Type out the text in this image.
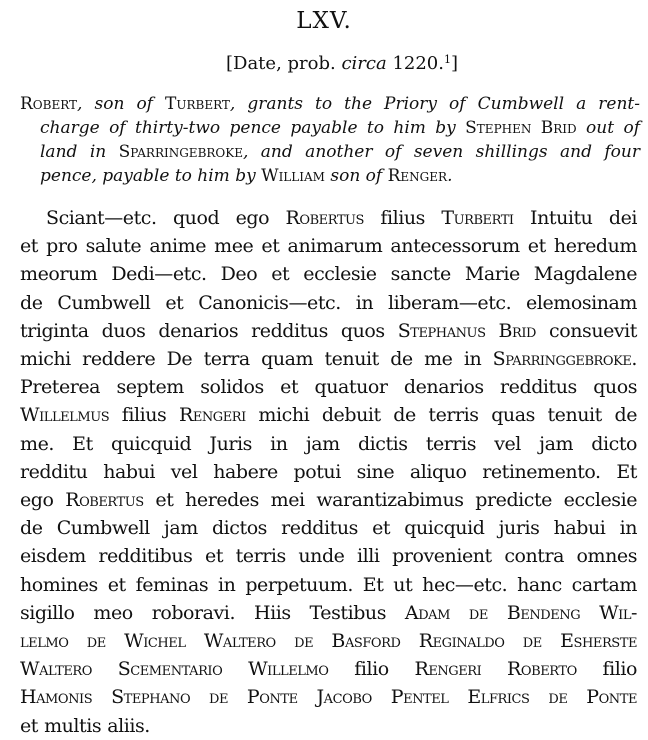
LXV.
[Date, prob. circa 1220.$^1$]
Robert, son of Turbert, grants to the Priory of Cumbwell a rent-
charge of thirty-two pence payable to him by Stephen Brid out of
land in Sparringebroke, and another of seven shillings and four
pence, payable to him by William son of Renger.
Sciant—etc. quod ego Robertus filius Turberti Intuitu dei
et pro salute anime mee et animarum antecessorum et heredum
meorum Dedi—etc. Deo et ecclesie sancte Marie Magdalene
de Cumbwell et Canonicis—etc. in liberam—etc. elemosinam
triginta duos denarios redditus quos Stephanus Brid consuevit
michi reddere De terra quam tenuit de me in Sparringgebroke.
Preterea septem solidos et quatuor denarios redditus quos
Willelmus filius Rengeri michi debuit de terris quas tenuit de
me. Et quicquid Juris in jam dictis terris vel jam dicto
redditu habui vel habere potui sine aliquo retinemento. Et
ego Robertus et heredes mei warantizabimus predicte ecclesie
de Cumbwell jam dictos redditus et quicquid juris habui in
eisdem redditibus et terris unde illi provenient contra omnes
homines et feminas in perpetuum. Et ut hec—etc. hanc cartam
sigillo meo roboravi. Hiis Testibus Adam de Bendeng Wil-
lelmo de Wichel Waltero de Basford Reginaldo de Esherste
Waltero Scementario Willelmo filio Rengeri Roberto filio
Hamonis Stephano de Ponte Jacobo Pentel Elfrics de Ponte
et multis aliis.
